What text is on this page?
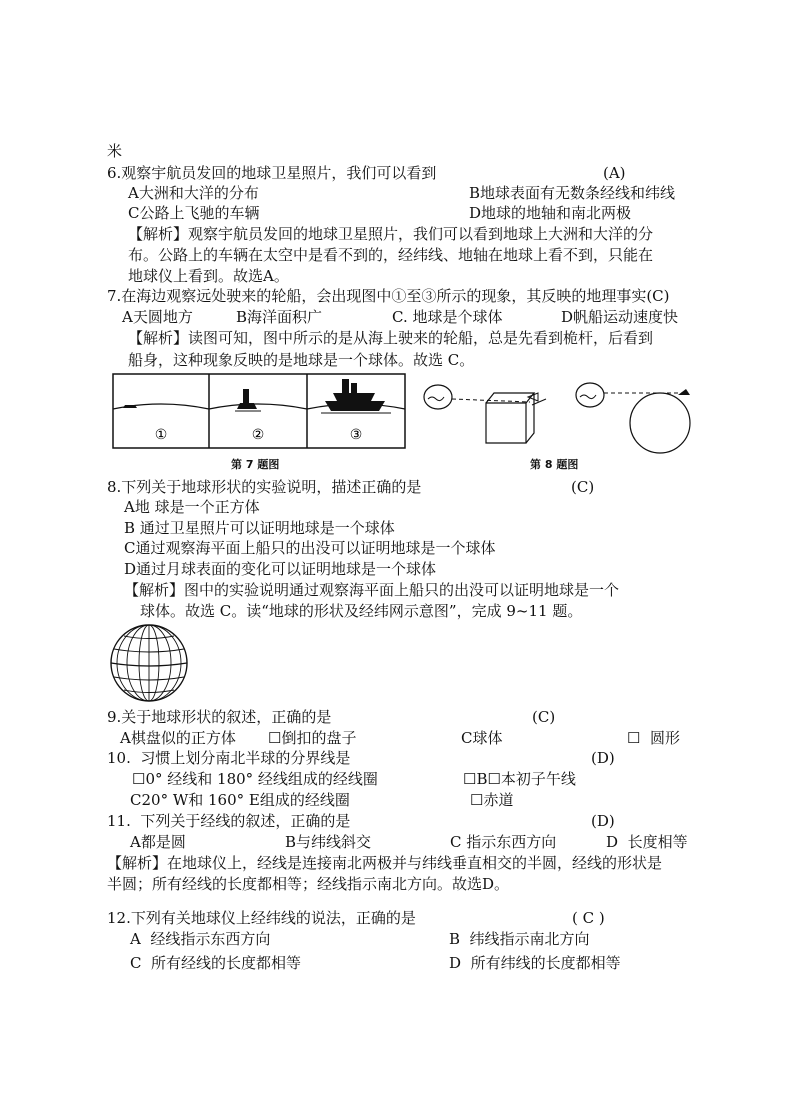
米
6.观察宇航员发回的地球卫星照片，我们可以看到	(A)
A大洲和大洋的分布	B地球表面有无数条经线和纬线
C公路上飞驰的车辆	D地球的地轴和南北两极
【解析】观察宇航员发回的地球卫星照片，我们可以看到地球上大洲和大洋的分
布。公路上的车辆在太空中是看不到的，经纬线、地轴在地球上看不到，只能在
地球仪上看到。故选A。
7.在海边观察远处驶来的轮船，会出现图中①至③所示的现象，其反映的地理事实(C)
A天圆地方	B海洋面积广	C. 地球是个球体	D帆船运动速度快
【解析】读图可知，图中所示的是从海上驶来的轮船，总是先看到桅杆，后看到
船身，这种现象反映的是地球是一个球体。故选 C。
①	②	③
第 7 题图	第 8 题图
8.下列关于地球形状的实验说明，描述正确的是	(C)
A地 球是一个正方体
B 通过卫星照片可以证明地球是一个球体
C通过观察海平面上船只的出没可以证明地球是一个球体
D通过月球表面的变化可以证明地球是一个球体
【解析】图中的实验说明通过观察海平面上船只的出没可以证明地球是一个
球体。故选 C。读“地球的形状及经纬网示意图”，完成 9~11 题。
9.关于地球形状的叙述，正确的是	(C)
A棋盘似的正方体 ☐倒扣的盘子	C球体	☐  圆形
10.  习惯上划分南北半球的分界线是	(D)
☐0° 经线和 180° 经线组成的经线圈	☐B☐本初子午线
C20° W和 160° E组成的经线圈	☐赤道
11.  下列关于经线的叙述，正确的是	(D)
A都是圆	B与纬线斜交	C 指示东西方向	D  长度相等
【解析】在地球仪上，经线是连接南北两极并与纬线垂直相交的半圆，经线的形状是
半圆；所有经线的长度都相等；经线指示南北方向。故选D。
12.下列有关地球仪上经纬线的说法，正确的是	( C )
A  经线指示东西方向	B  纬线指示南北方向
C  所有经线的长度都相等	D  所有纬线的长度都相等
